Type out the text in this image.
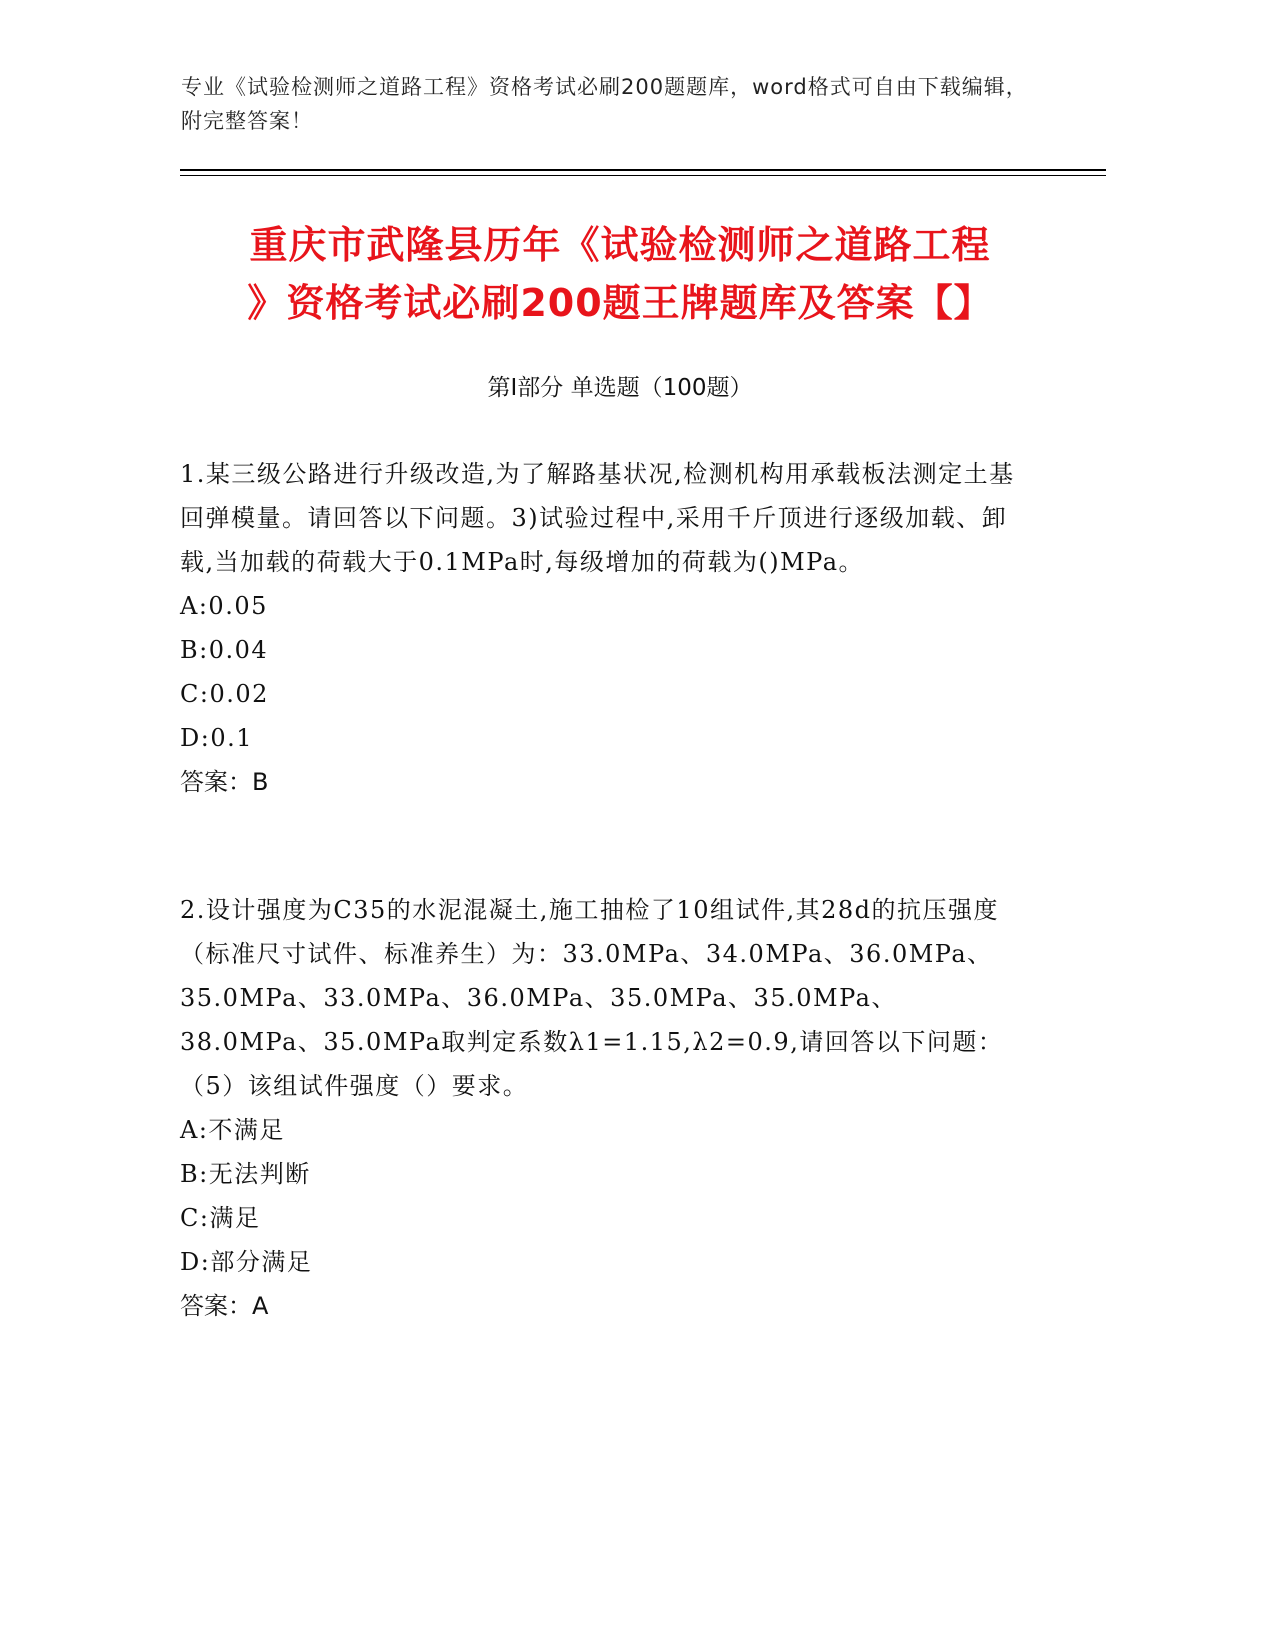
专业《试验检测师之道路工程》资格考试必刷200题题库，word格式可自由下载编辑，附完整答案！
重庆市武隆县历年《试验检测师之道路工程
》资格考试必刷200题王牌题库及答案【】
第I部分 单选题（100题）

1.某三级公路进行升级改造,为了解路基状况,检测机构用承载板法测定土基回弹模量。请回答以下问题。3)试验过程中,采用千斤顶进行逐级加载、卸载,当加载的荷载大于0.1MPa时,每级增加的荷载为()MPa。

A:0.05

B:0.04

C:0.02

D:0.1

答案：B

2.设计强度为C35的水泥混凝土,施工抽检了10组试件,其28d的抗压强度（标准尺寸试件、标准养生）为：33.0MPa、34.0MPa、36.0MPa、35.0MPa、33.0MPa、36.0MPa、35.0MPa、35.0MPa、38.0MPa、35.0MPa取判定系数λ1=1.15,λ2=0.9,请回答以下问题：（5）该组试件强度（）要求。

A:不满足

B:无法判断

C:满足

D:部分满足

答案：A
